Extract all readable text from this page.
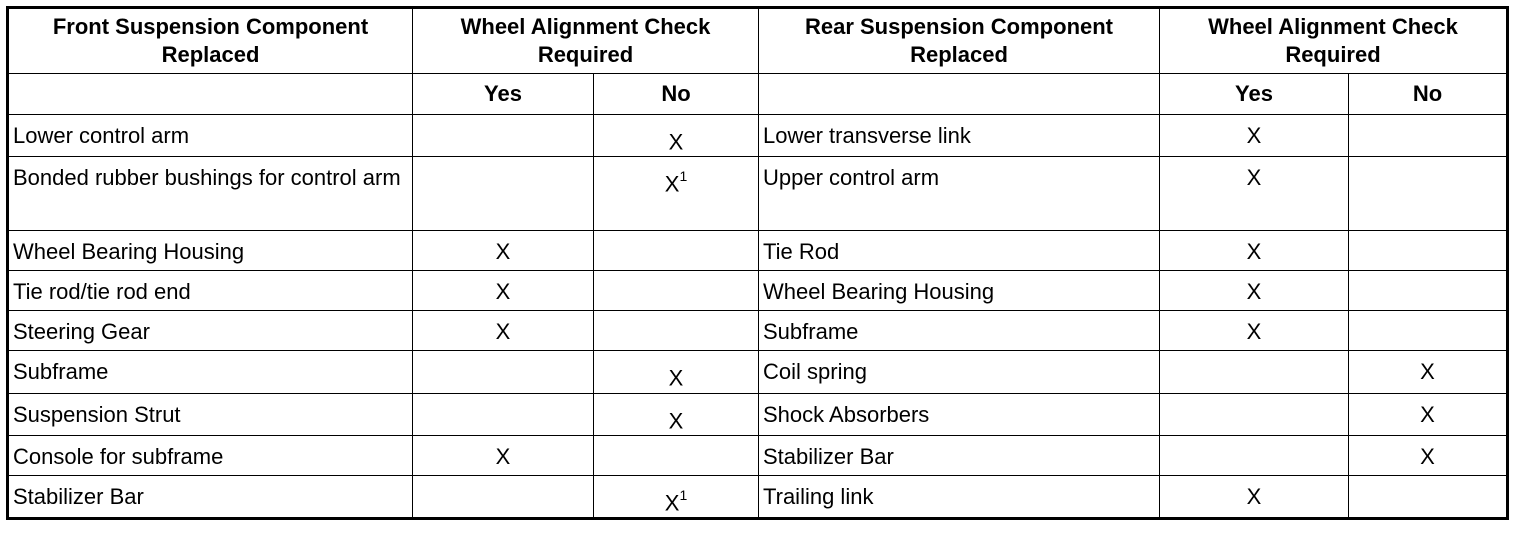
Front Suspension Component Replaced	Wheel Alignment Check Required		Rear Suspension Component Replaced	Wheel Alignment Check Required	
	Yes	No		Yes	No
Lower control arm		X	Lower transverse link	X	
Bonded rubber bushings for control arm		$X^1$	Upper control arm	X	
Wheel Bearing Housing	X		Tie Rod	X	
Tie rod/tie rod end	X		Wheel Bearing Housing	X	
Steering Gear	X		Subframe	X	
Subframe		X	Coil spring		X
Suspension Strut		X	Shock Absorbers		X
Console for subframe	X		Stabilizer Bar		X
Stabilizer Bar		$X^1$	Trailing link	X	
